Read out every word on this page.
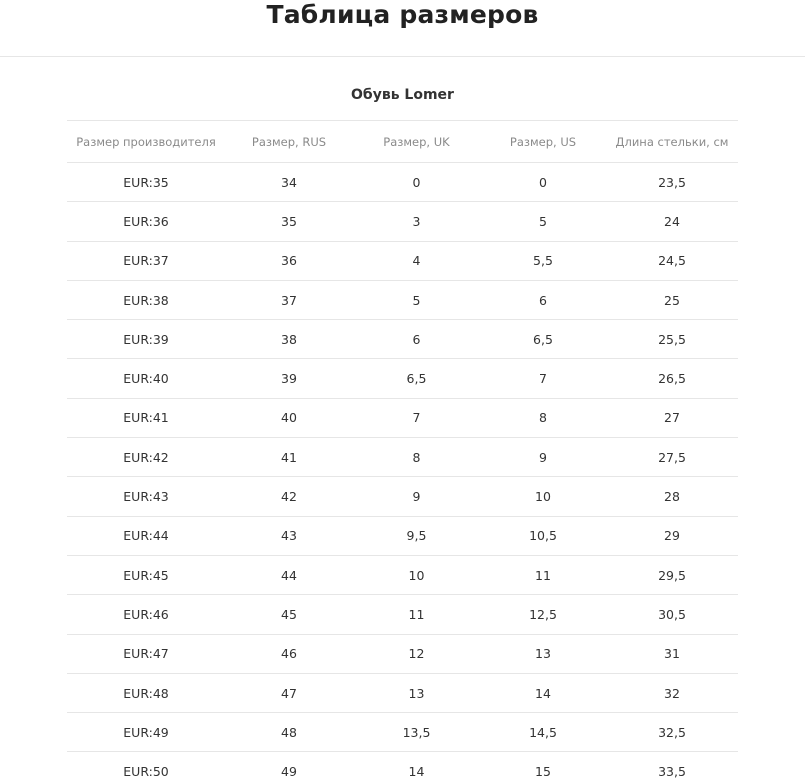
Таблица размеров
Обувь Lomer
Размер производителя	Размер, RUS	Размер, UK	Размер, US	Длина стельки, см
EUR:35	34	0	0	23,5
EUR:36	35	3	5	24
EUR:37	36	4	5,5	24,5
EUR:38	37	5	6	25
EUR:39	38	6	6,5	25,5
EUR:40	39	6,5	7	26,5
EUR:41	40	7	8	27
EUR:42	41	8	9	27,5
EUR:43	42	9	10	28
EUR:44	43	9,5	10,5	29
EUR:45	44	10	11	29,5
EUR:46	45	11	12,5	30,5
EUR:47	46	12	13	31
EUR:48	47	13	14	32
EUR:49	48	13,5	14,5	32,5
EUR:50	49	14	15	33,5
